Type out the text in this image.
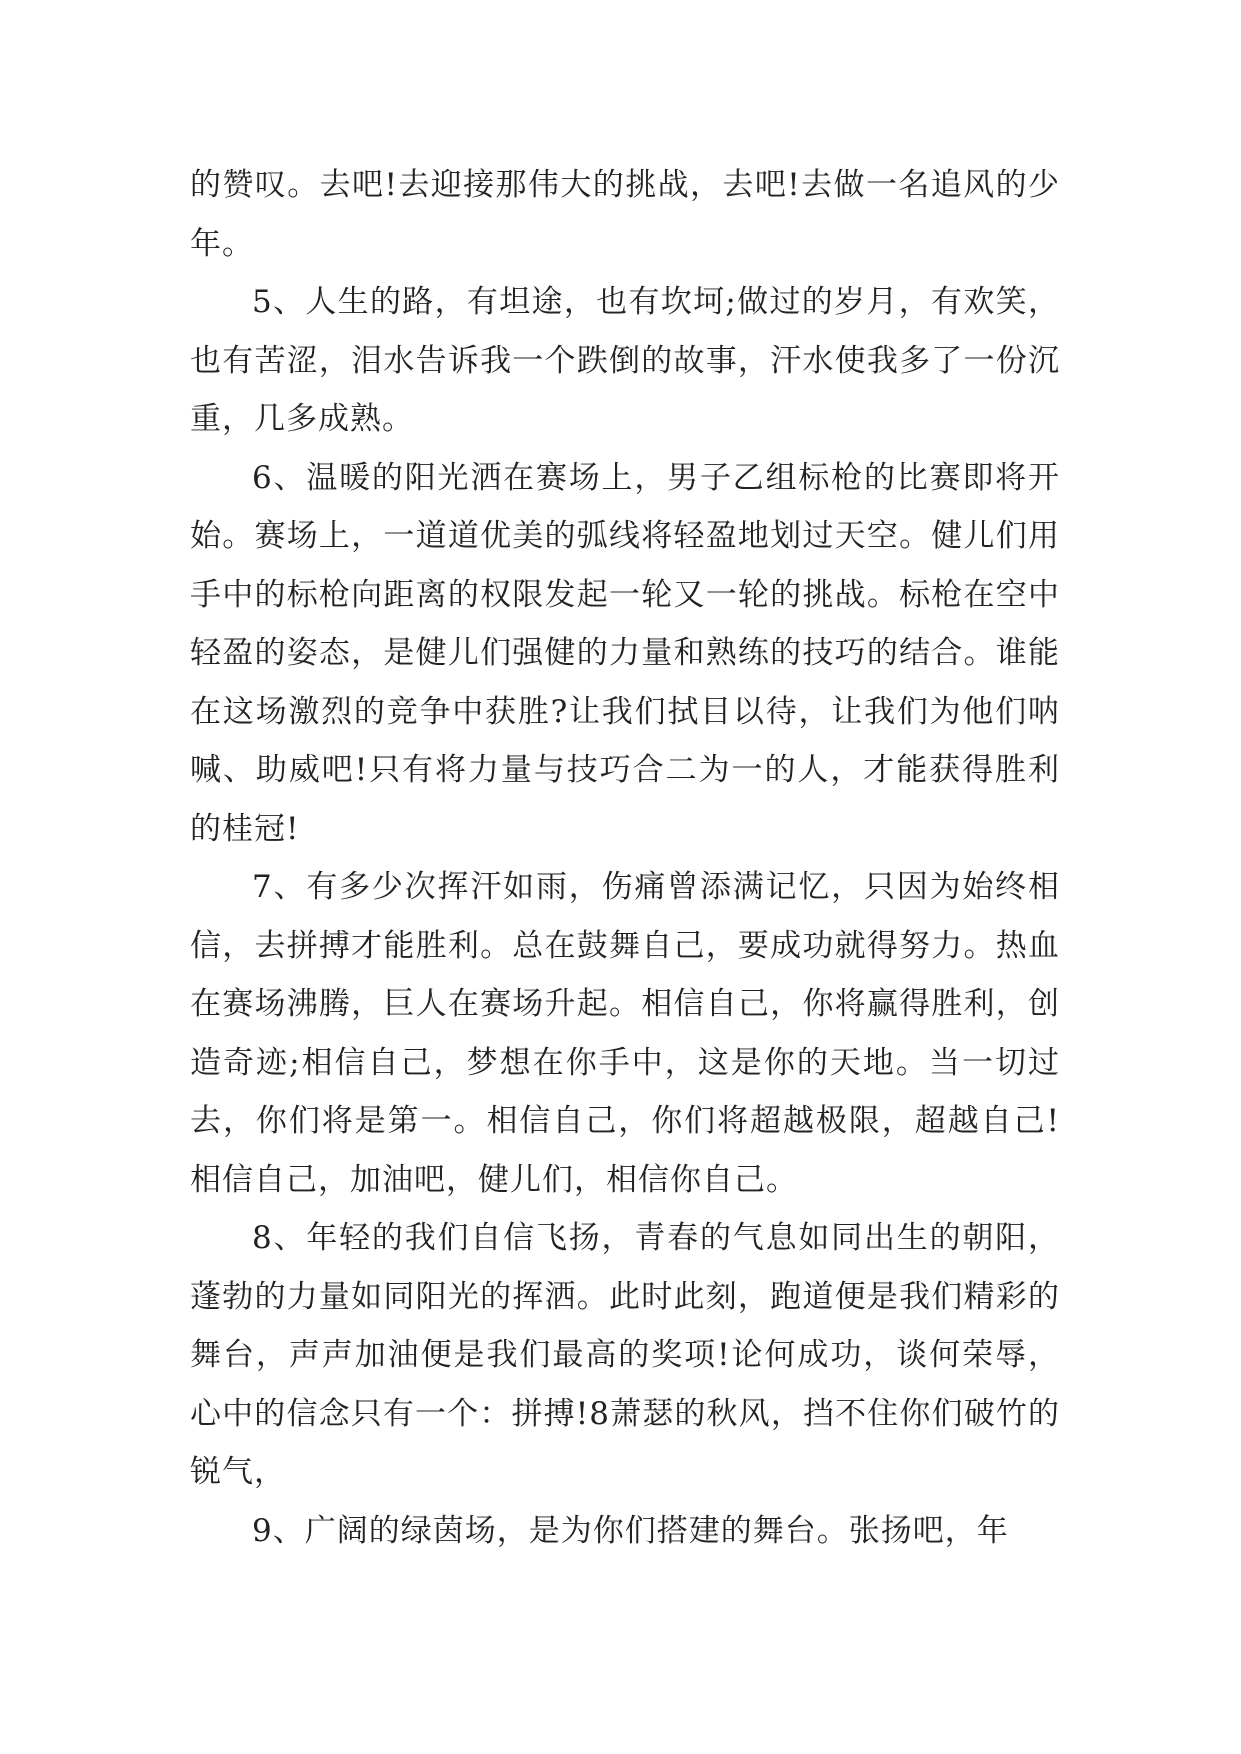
的赞叹。去吧!去迎接那伟大的挑战，去吧!去做一名追风的少年。

5、人生的路，有坦途，也有坎坷;做过的岁月，有欢笑，也有苦涩，泪水告诉我一个跌倒的故事，汗水使我多了一份沉重，几多成熟。

6、温暖的阳光洒在赛场上，男子乙组标枪的比赛即将开始。赛场上，一道道优美的弧线将轻盈地划过天空。健儿们用手中的标枪向距离的权限发起一轮又一轮的挑战。标枪在空中轻盈的姿态，是健儿们强健的力量和熟练的技巧的结合。谁能在这场激烈的竞争中获胜?让我们拭目以待，让我们为他们呐喊、助威吧!只有将力量与技巧合二为一的人，才能获得胜利的桂冠!

7、有多少次挥汗如雨，伤痛曾添满记忆，只因为始终相信，去拼搏才能胜利。总在鼓舞自己，要成功就得努力。热血在赛场沸腾，巨人在赛场升起。相信自己，你将赢得胜利，创造奇迹;相信自己，梦想在你手中，这是你的天地。当一切过去，你们将是第一。相信自己，你们将超越极限，超越自己!相信自己，加油吧，健儿们，相信你自己。

8、年轻的我们自信飞扬，青春的气息如同出生的朝阳，蓬勃的力量如同阳光的挥洒。此时此刻，跑道便是我们精彩的舞台，声声加油便是我们最高的奖项!论何成功，谈何荣辱，心中的信念只有一个：拼搏!8萧瑟的秋风，挡不住你们破竹的锐气，

9、广阔的绿茵场，是为你们搭建的舞台。张扬吧，年
